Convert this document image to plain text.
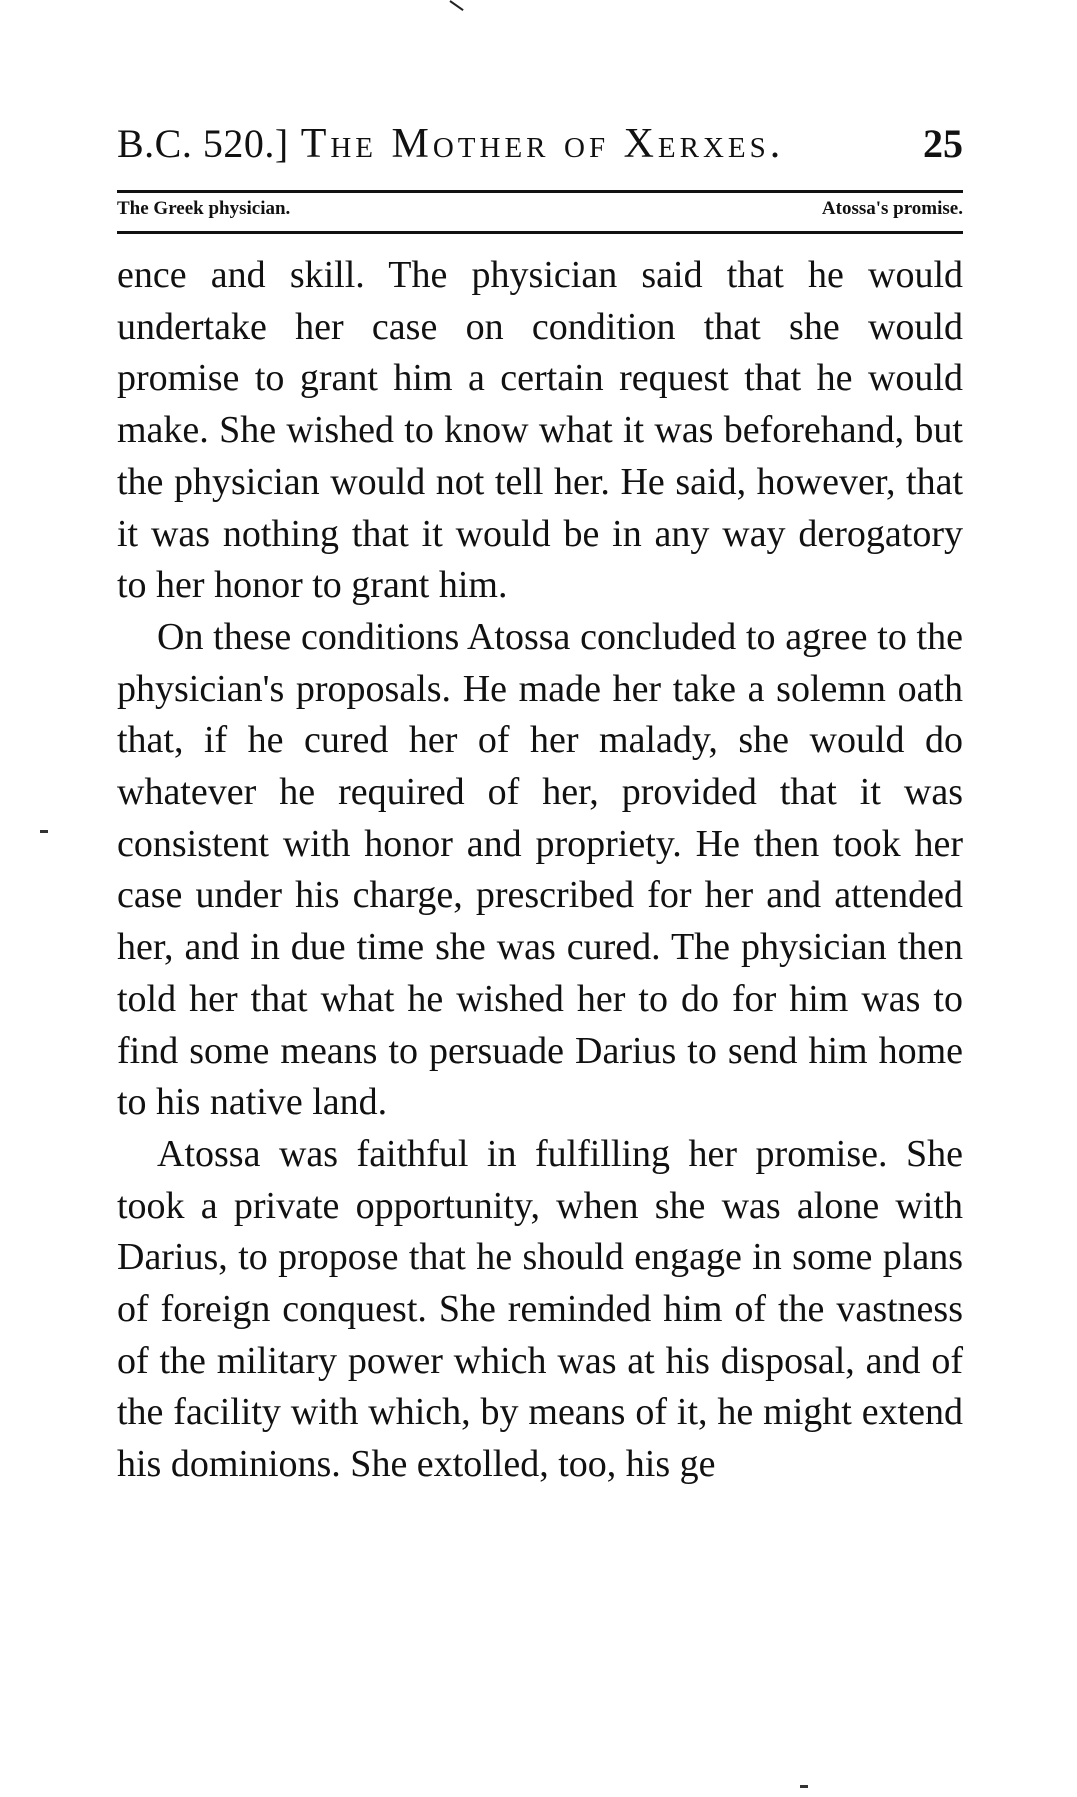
B.C. 520.] The Mother of Xerxes.	25
The Greek physician.	Atossa's promise.

ence and skill. The physician said that he would undertake her case on condition that she would promise to grant him a certain request that he would make. She wished to know what it was beforehand, but the physician would not tell her. He said, however, that it was nothing that it would be in any way derogatory to her honor to grant him.

On these conditions Atossa concluded to agree to the physician's proposals. He made her take a solemn oath that, if he cured her of her malady, she would do whatever he required of her, provided that it was consistent with honor and propriety. He then took her case under his charge, prescribed for her and attended her, and in due time she was cured. The physician then told her that what he wished her to do for him was to find some means to persuade Darius to send him home to his native land.

Atossa was faithful in fulfilling her promise. She took a private opportunity, when she was alone with Darius, to propose that he should engage in some plans of foreign conquest. She reminded him of the vastness of the military power which was at his disposal, and of the facility with which, by means of it, he might extend his dominions. She extolled, too, his ge
